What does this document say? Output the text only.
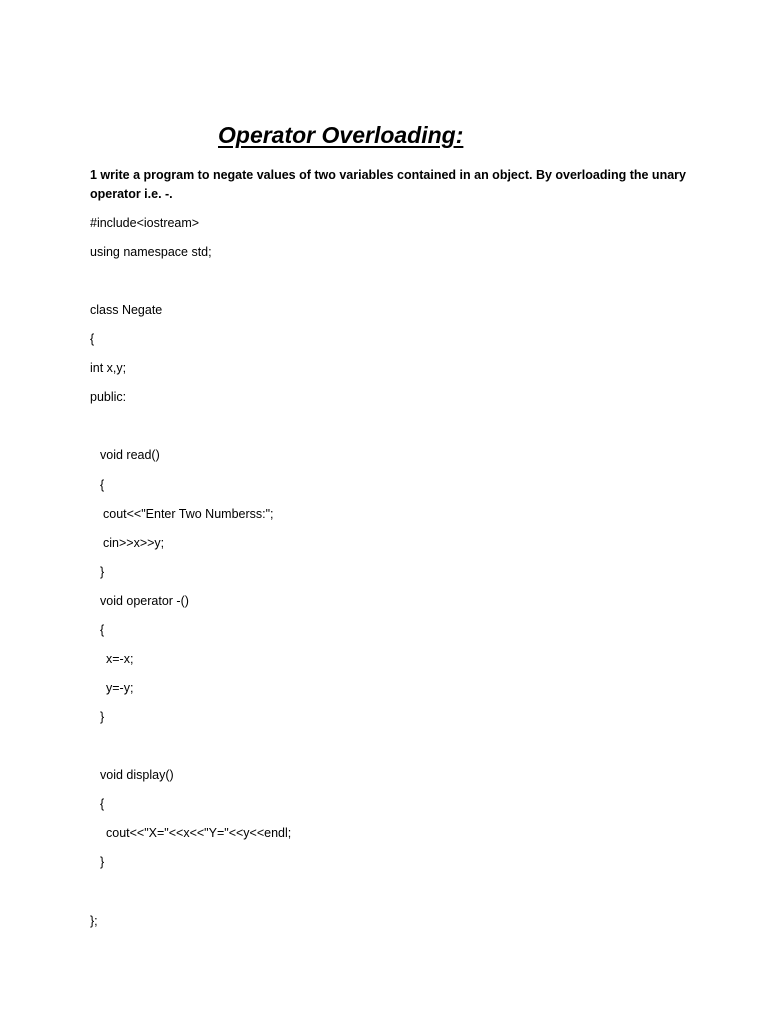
Operator Overloading:
1 write a program to negate values of two variables contained in an object. By overloading the unary operator i.e. -.
#include<iostream>
using namespace std;
class Negate
{
int x,y;
public:
void read()
{
cout<<"Enter Two Numberss:";
cin>>x>>y;
}
void operator -()
{
x=-x;
y=-y;
}
void display()
{
cout<<"X="<<x<<"Y="<<y<<endl;
}
};
